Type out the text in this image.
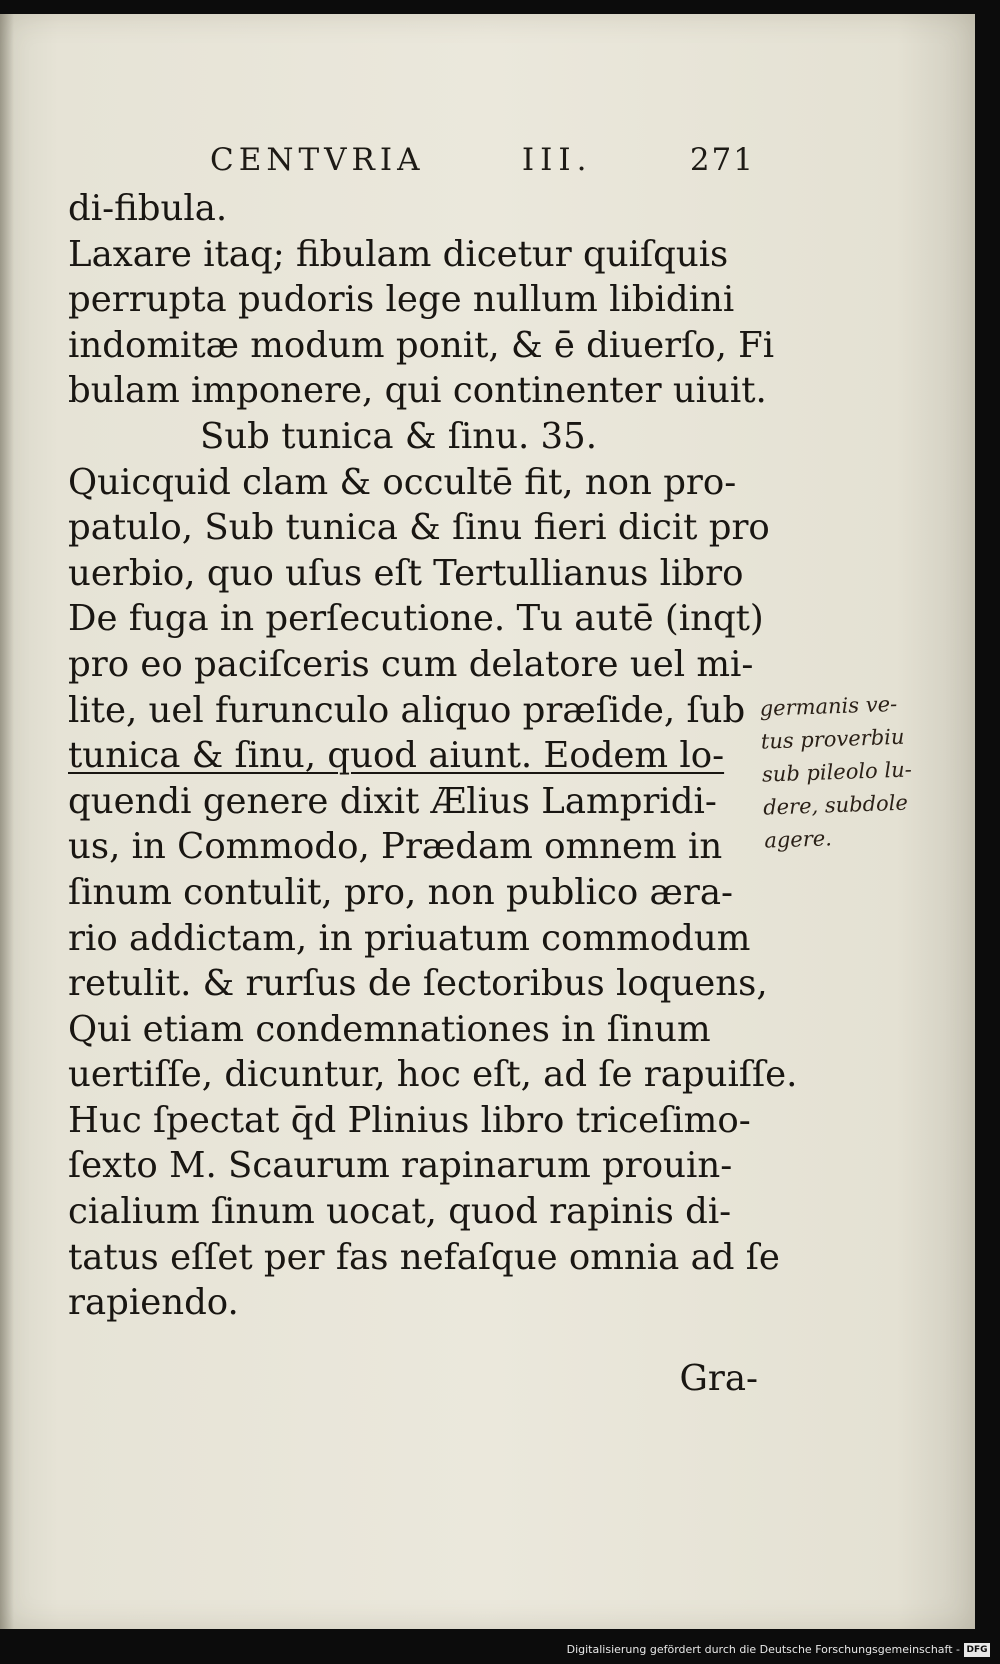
CENTVRIA	III.	271
di-fibula.
Laxare itaq; fibulam dicetur quiſquis
perrupta pudoris lege nullum libidini
indomitæ modum ponit, & ē diuerſo, Fi
bulam imponere, qui continenter uiuit.
Sub tunica & ſinu. 35.
Quicquid clam & occultē fit, non pro-
patulo, Sub tunica & ſinu fieri dicit pro
uerbio, quo uſus eſt Tertullianus libro
De fuga in perſecutione. Tu autē (inqt)
pro eo paciſceris cum delatore uel mi-
lite, uel furunculo aliquo præſide, ſub
tunica & ſinu, quod aiunt. Eodem lo-
quendi genere dixit Ælius Lampridi-
us, in Commodo, Prædam omnem in
ſinum contulit, pro, non publico æra-
rio addictam, in priuatum commodum
retulit. & rurſus de ſectoribus loquens,
Qui etiam condemnationes in ſinum
uertiſſe, dicuntur, hoc eſt, ad ſe rapuiſſe.
Huc ſpectat q̄d Plinius libro triceſimo-
ſexto M. Scaurum rapinarum prouin-
cialium ſinum uocat, quod rapinis di-
tatus eſſet per fas nefaſque omnia ad ſe
rapiendo.
Gra-
germanis ve-
tus proverbiu
sub pileolo lu-
dere, subdole
agere.
Digitalisierung gefördert durch die Deutsche Forschungsgemeinschaft - DFG
